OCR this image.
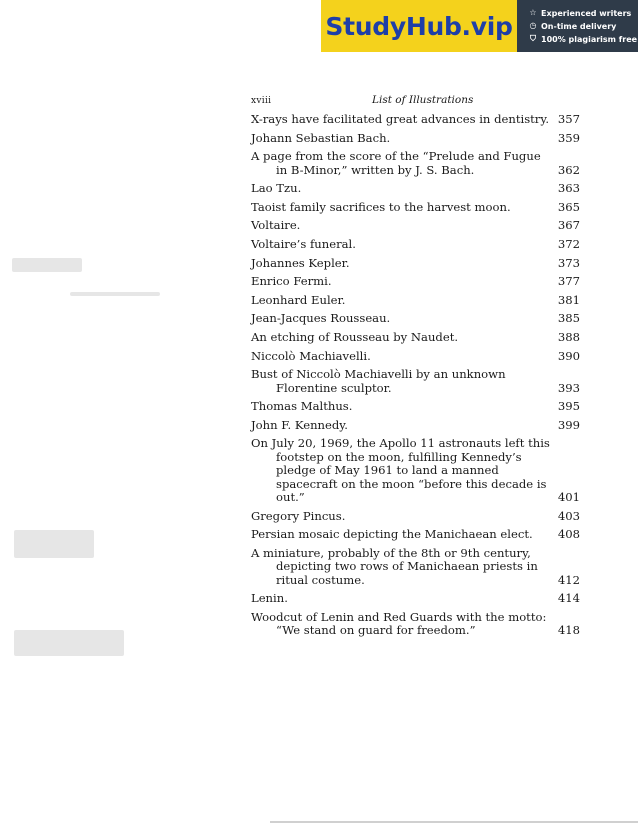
StudyHub.vip ☆ Experienced writers
◷ On-time delivery
⛉ 100% plagiarism free
xviii	List of Illustrations
X-rays have facilitated great advances in dentistry. 357
Johann Sebastian Bach.	359
A page from the score of the “Prelude and Fugue in B-Minor,” written by J. S. Bach.	362
Lao Tzu.	363
Taoist family sacrifices to the harvest moon.	365
Voltaire.	367
Voltaire’s funeral.	372
Johannes Kepler.	373
Enrico Fermi.	377
Leonhard Euler.	381
Jean-Jacques Rousseau.	385
An etching of Rousseau by Naudet.	388
Niccolò Machiavelli.	390
Bust of Niccolò Machiavelli by an unknown Florentine sculptor.	393
Thomas Malthus.	395
John F. Kennedy.	399
On July 20, 1969, the Apollo 11 astronauts left this footstep on the moon, fulfilling Kennedy’s pledge of May 1961 to land a manned spacecraft on the moon “before this decade is out.”	401
Gregory Pincus.	403
Persian mosaic depicting the Manichaean elect.	408
A miniature, probably of the 8th or 9th century, depicting two rows of Manichaean priests in ritual costume.	412
Lenin.	414
Woodcut of Lenin and Red Guards with the motto: “We stand on guard for freedom.”	418
